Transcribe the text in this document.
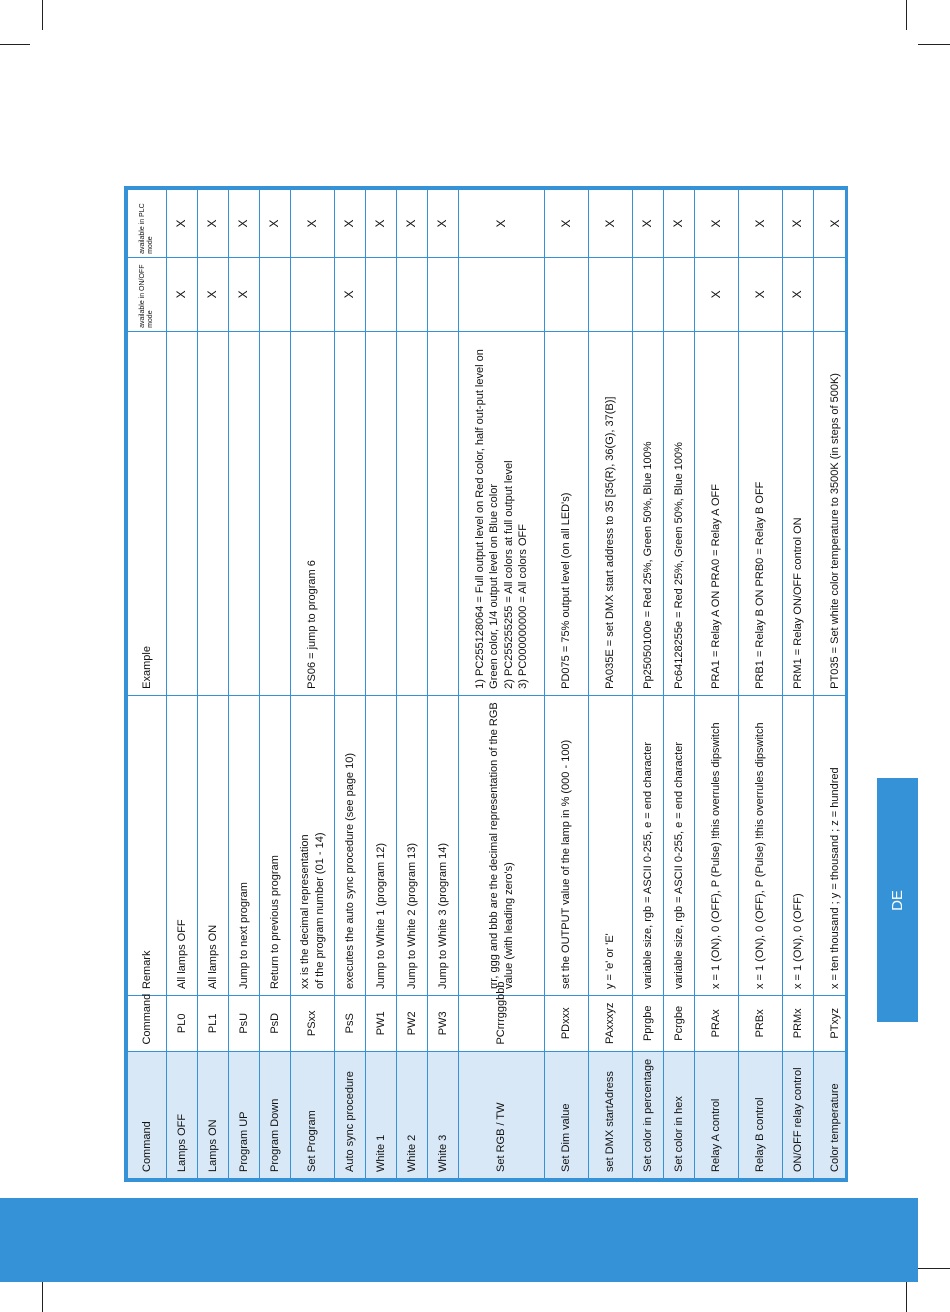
DE
Command	Command	Remark	Example	available in ON/OFF mode	available in PLC mode
Lamps OFF	PL0	All lamps OFF		X	X
Lamps ON	PL1	All lamps ON		X	X
Program UP	PsU	Jump to next program		X	X
Program Down	PsD	Return to previous program			X
Set Program	PSxx	xx is the decimal representation
of the program number (01 - 14)	PS06 = jump to program 6		X
Auto sync procedure	PsS	executes the auto sync procedure (see page 10)		X	X
White 1	PW1	Jump to White 1 (program 12)			X
White 2	PW2	Jump to White 2 (program 13)			X
White 3	PW3	Jump to White 3 (program 14)			X
Set RGB / TW	PCrrrgggbbb	rrr, ggg and bbb are the decimal representation of the RGB value (with leading zero's)	1) PC255128064 = Full output level on Red color, half out-put level on Green color, 1/4 output level on Blue color
2) PC255255255 = All colors at full output level
3) PC000000000 = All colors OFF		X
Set Dim value	PDxxx	set the OUTPUT value of the lamp in % (000 - 100)	PD075 = 75% output level (on all LED's)		X
set DMX startAdress	PAxxxyz	y = 'e' or 'E'	PA035E = set DMX start address to 35 [35(R), 36(G), 37(B)]		X
Set color in percentage	Pprgbe	variable size, rgb = ASCII 0-255, e = end character	Pp25050100e = Red 25%, Green 50%, Blue 100%		X
Set color in hex	Pcrgbe	variable size, rgb = ASCII 0-255, e = end character	Pc64128255e = Red 25%, Green 50%, Blue 100%		X
Relay A control	PRAx	x = 1 (ON), 0 (OFF), P (Pulse) !this overrules dipswitch	PRA1 = Relay A ON PRA0 = Relay A OFF	X	X
Relay B control	PRBx	x = 1 (ON), 0 (OFF), P (Pulse) !this overrules dipswitch	PRB1 = Relay B ON PRB0 = Relay B OFF	X	X
ON/OFF relay control	PRMx	x = 1 (ON), 0 (OFF)	PRM1 = Relay ON/OFF control ON	X	X
Color temperature	PTxyz	x = ten thousand ; y = thousand ; z = hundred	PT035 = Set white color temperature to 3500K (in steps of 500K)		X
